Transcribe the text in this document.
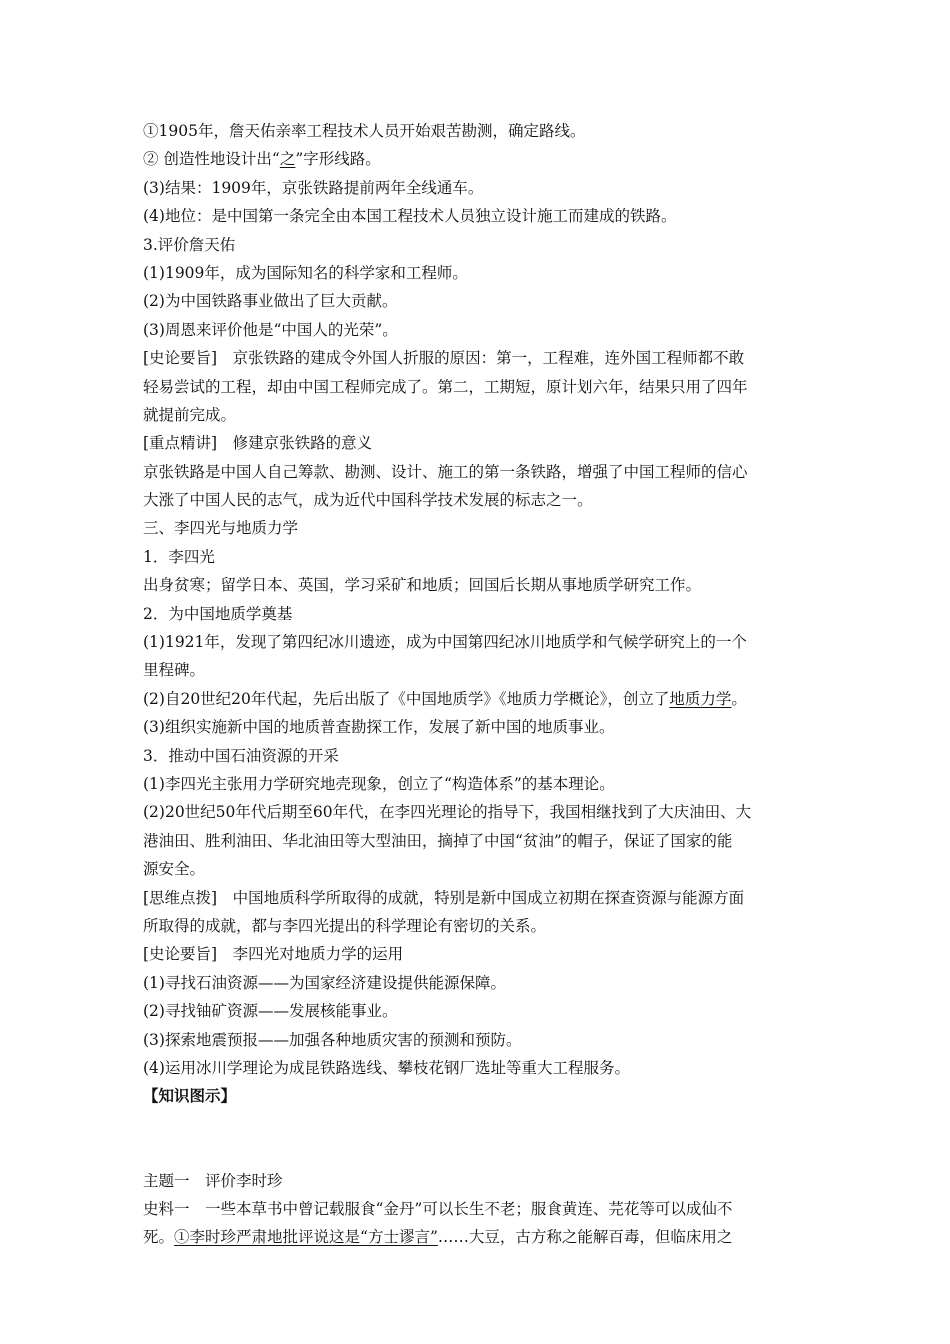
①1905年，詹天佑亲率工程技术人员开始艰苦勘测，确定路线。
② 创造性地设计出“之”字形线路。
(3)结果：1909年，京张铁路提前两年全线通车。
(4)地位：是中国第一条完全由本国工程技术人员独立设计施工而建成的铁路。
3.评价詹天佑
(1)1909年，成为国际知名的科学家和工程师。
(2)为中国铁路事业做出了巨大贡献。
(3)周恩来评价他是“中国人的光荣”。
[史论要旨]　京张铁路的建成令外国人折服的原因：第一，工程难，连外国工程师都不敢
轻易尝试的工程，却由中国工程师完成了。第二，工期短，原计划六年，结果只用了四年
就提前完成。
[重点精讲]　修建京张铁路的意义
京张铁路是中国人自己筹款、勘测、设计、施工的第一条铁路，增强了中国工程师的信心
大涨了中国人民的志气，成为近代中国科学技术发展的标志之一。
三、李四光与地质力学
1．李四光
出身贫寒；留学日本、英国，学习采矿和地质；回国后长期从事地质学研究工作。
2．为中国地质学奠基
(1)1921年，发现了第四纪冰川遗迹，成为中国第四纪冰川地质学和气候学研究上的一个
里程碑。
(2)自20世纪20年代起，先后出版了《中国地质学》《地质力学概论》，创立了地质力学。
(3)组织实施新中国的地质普查勘探工作，发展了新中国的地质事业。
3．推动中国石油资源的开采
(1)李四光主张用力学研究地壳现象，创立了“构造体系”的基本理论。
(2)20世纪50年代后期至60年代，在李四光理论的指导下，我国相继找到了大庆油田、大
港油田、胜利油田、华北油田等大型油田，摘掉了中国“贫油”的帽子，保证了国家的能
源安全。
[思维点拨]　中国地质科学所取得的成就，特别是新中国成立初期在探查资源与能源方面
所取得的成就，都与李四光提出的科学理论有密切的关系。
[史论要旨]　李四光对地质力学的运用
(1)寻找石油资源——为国家经济建设提供能源保障。
(2)寻找铀矿资源——发展核能事业。
(3)探索地震预报——加强各种地质灾害的预测和预防。
(4)运用冰川学理论为成昆铁路选线、攀枝花钢厂选址等重大工程服务。
【知识图示】
主题一　评价李时珍
史料一　一些本草书中曾记载服食“金丹”可以长生不老；服食黄连、芫花等可以成仙不
死。①李时珍严肃地批评说这是“方士谬言”……大豆，古方称之能解百毒，但临床用之
